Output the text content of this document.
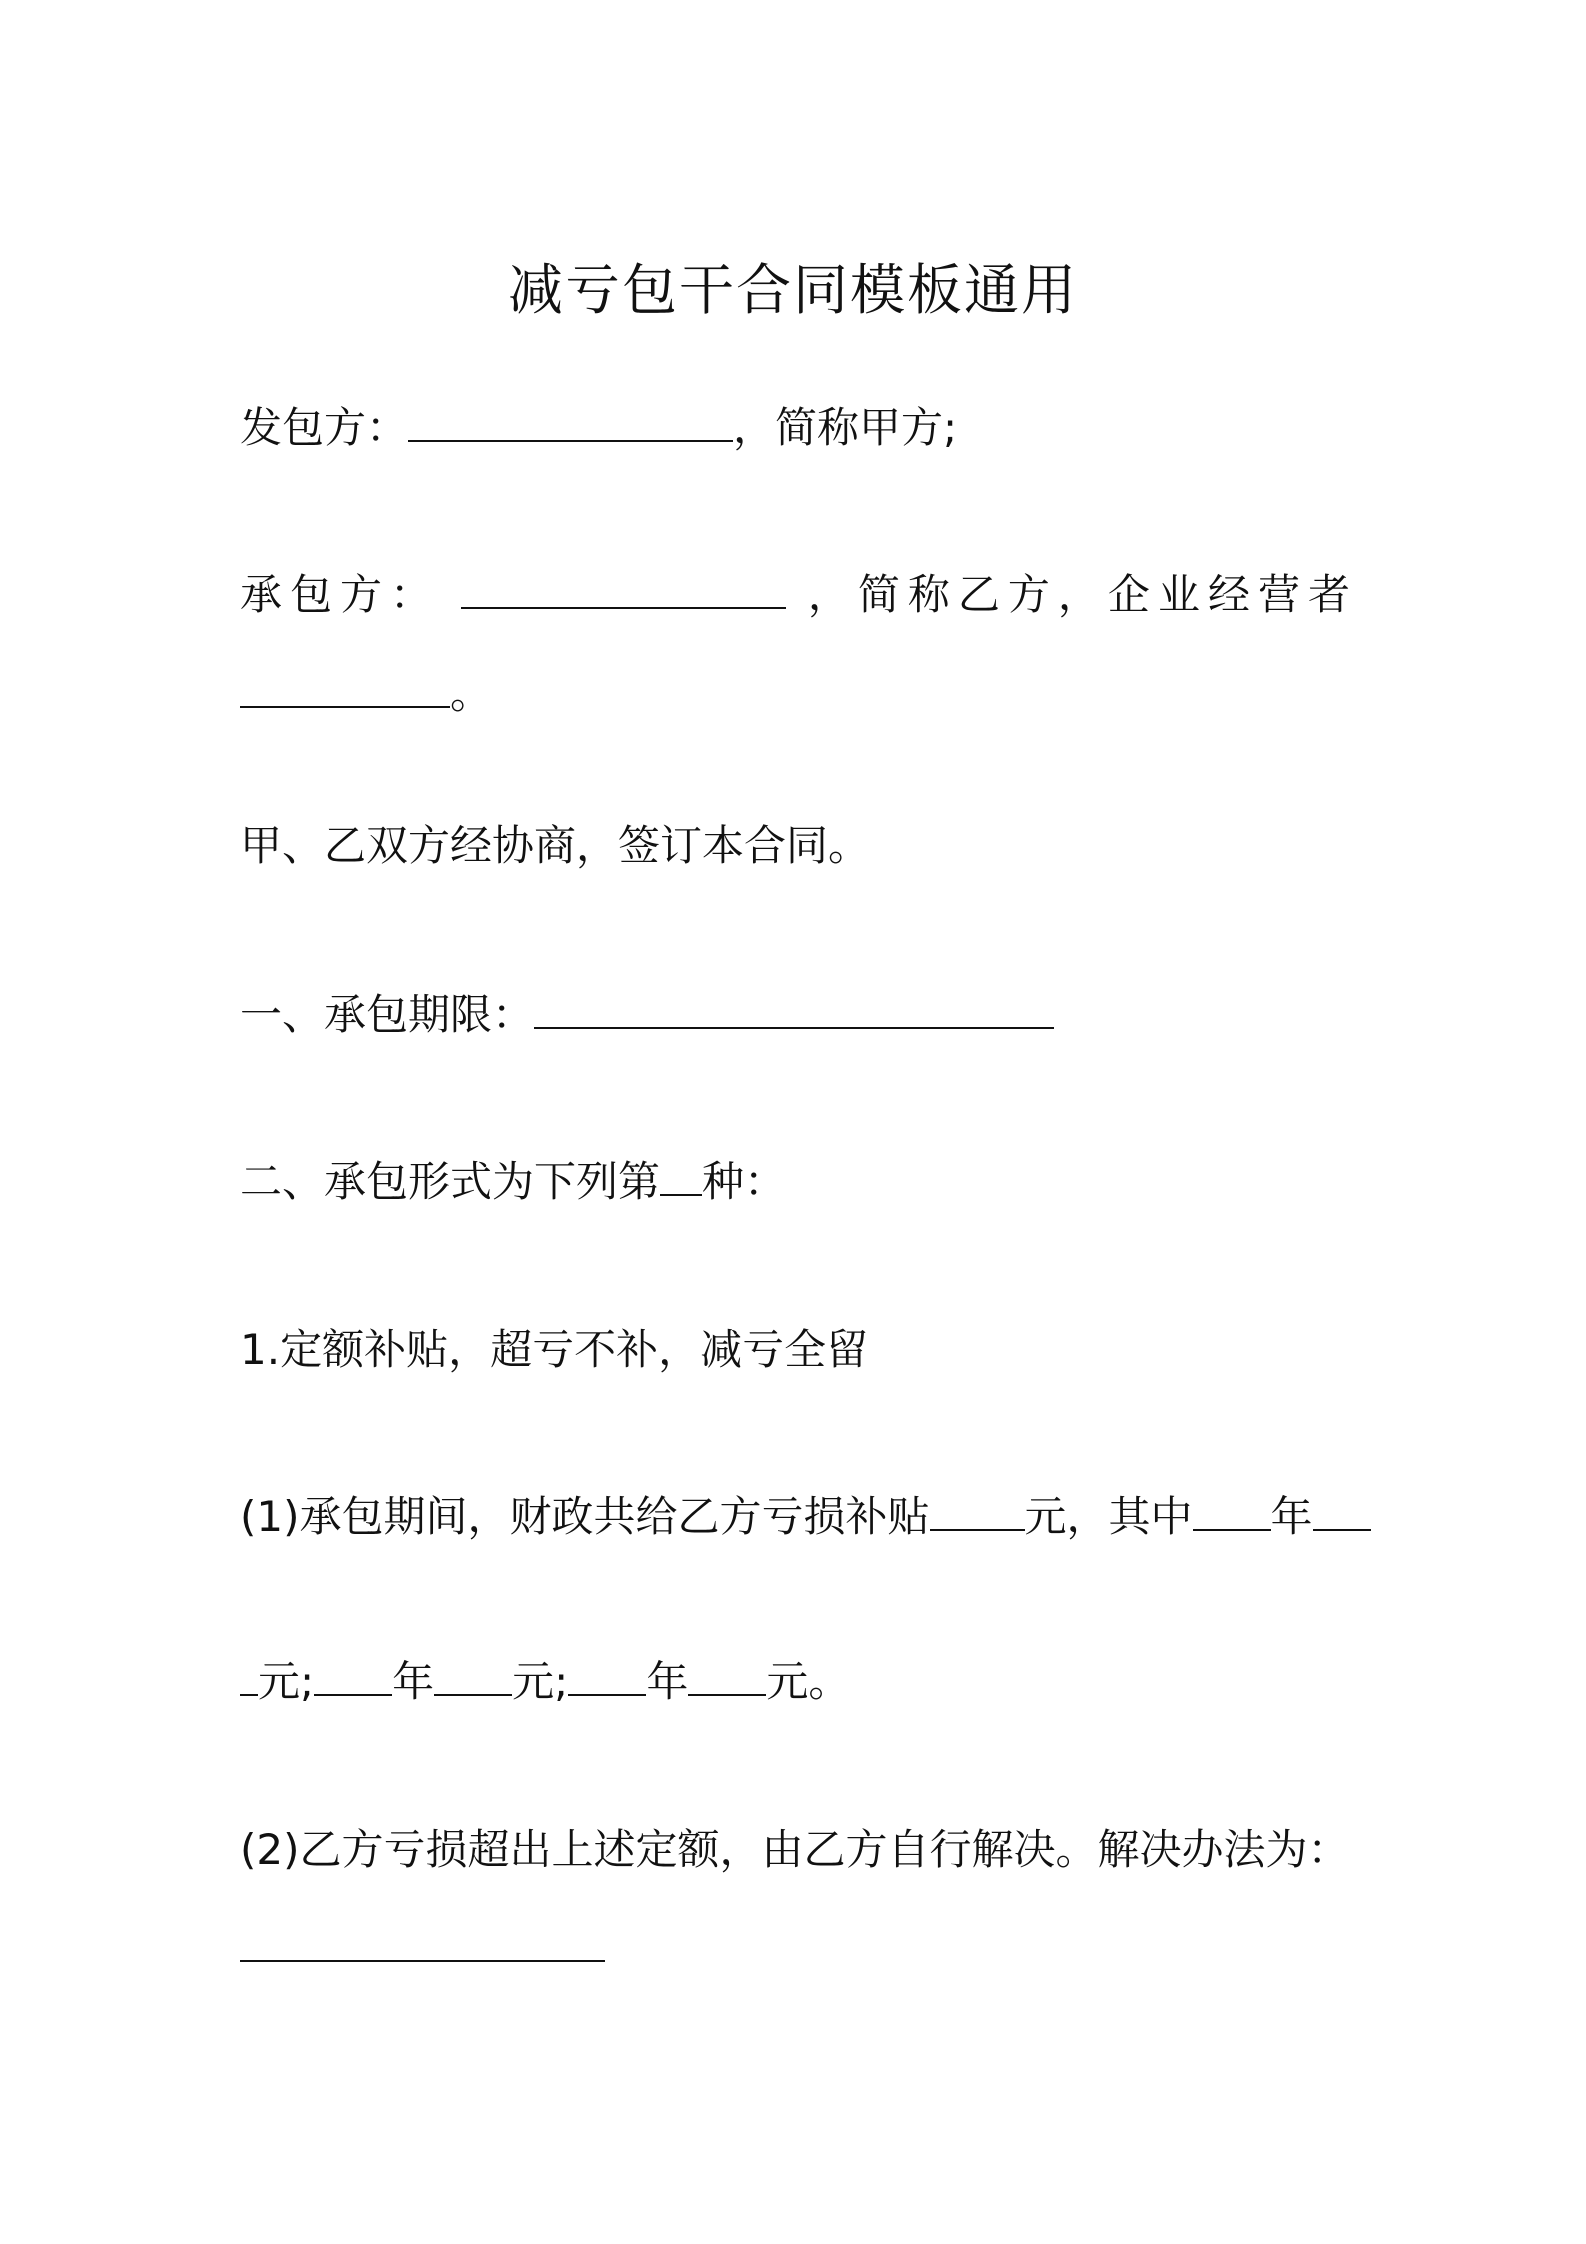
减亏包干合同模板通用
发包方：	，简称甲方;
承包方：	，简称乙方，企业经营者
。
甲、乙双方经协商，签订本合同。
一、承包期限：
二、承包形式为下列第 种：
1.定额补贴，超亏不补，减亏全留
(1)承包期间，财政共给乙方亏损补贴 元，其中 年
元; 年 元; 年 元。
(2)乙方亏损超出上述定额，由乙方自行解决。解决办法为：
